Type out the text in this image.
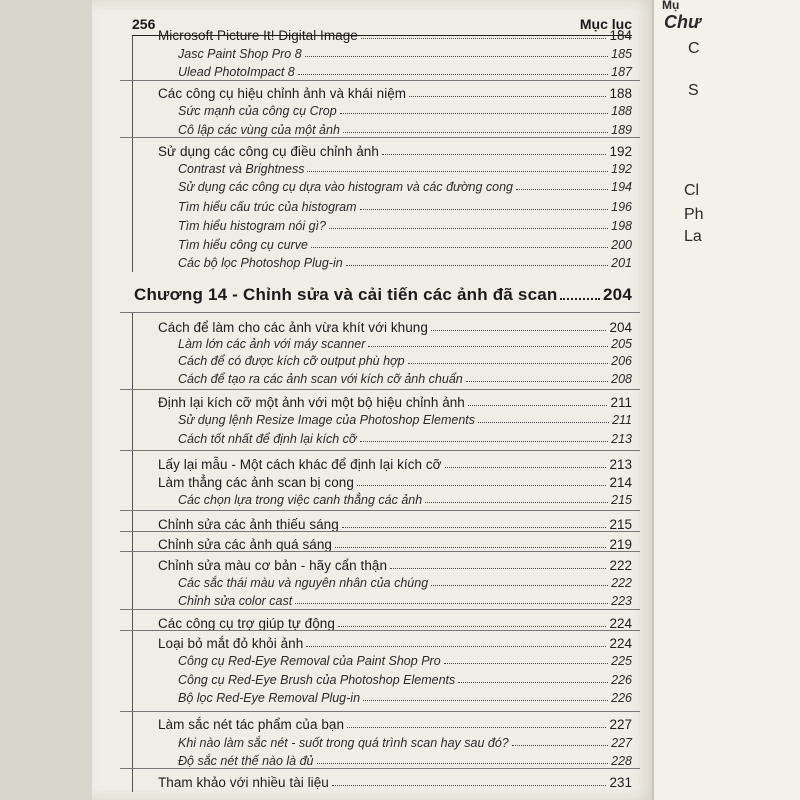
256	Mục lục
Microsoft Picture It! Digital Image	184
Jasc Paint Shop Pro 8	185
Ulead PhotoImpact 8	187
Các công cụ hiệu chỉnh ảnh và khái niệm	188
Sức mạnh của công cụ Crop	188
Cô lập các vùng của một ảnh	189
Sử dụng các công cụ điều chỉnh ảnh	192
Contrast và Brightness	192
Sử dụng các công cụ dựa vào histogram và các đường cong	194
Tìm hiểu cấu trúc của histogram	196
Tìm hiểu histogram nói gì?	198
Tìm hiểu công cụ curve	200
Các bộ lọc Photoshop Plug-in	201
Chương 14 - Chỉnh sửa và cải tiến các ảnh đã scan	204
Cách để làm cho các ảnh vừa khít với khung	204
Làm lớn các ảnh với máy scanner	205
Cách để có được kích cỡ output phù hợp	206
Cách để tạo ra các ảnh scan với kích cỡ ảnh chuẩn	208
Định lại kích cỡ một ảnh với một bộ hiệu chỉnh ảnh	211
Sử dụng lệnh Resize Image của Photoshop Elements	211
Cách tốt nhất để định lại kích cỡ	213
Lấy lại mẫu - Một cách khác để định lại kích cỡ	213
Làm thẳng các ảnh scan bị cong	214
Các chọn lựa trong việc canh thẳng các ảnh	215
Chỉnh sửa các ảnh thiếu sáng	215
Chỉnh sửa các ảnh quá sáng	219
Chỉnh sửa màu cơ bản - hãy cẩn thận	222
Các sắc thái màu và nguyên nhân của chúng	222
Chỉnh sửa color cast	223
Các công cụ trợ giúp tự động	224
Loại bỏ mắt đỏ khỏi ảnh	224
Công cụ Red-Eye Removal của Paint Shop Pro	225
Công cụ Red-Eye Brush của Photoshop Elements	226
Bộ lọc Red-Eye Removal Plug-in	226
Làm sắc nét tác phẩm của bạn	227
Khi nào làm sắc nét - suốt trong quá trình scan hay sau đó?	227
Độ sắc nét thế nào là đủ	228
Tham khảo với nhiều tài liệu	231
Mụ
Chư
C
S
Cl
Ph
La
